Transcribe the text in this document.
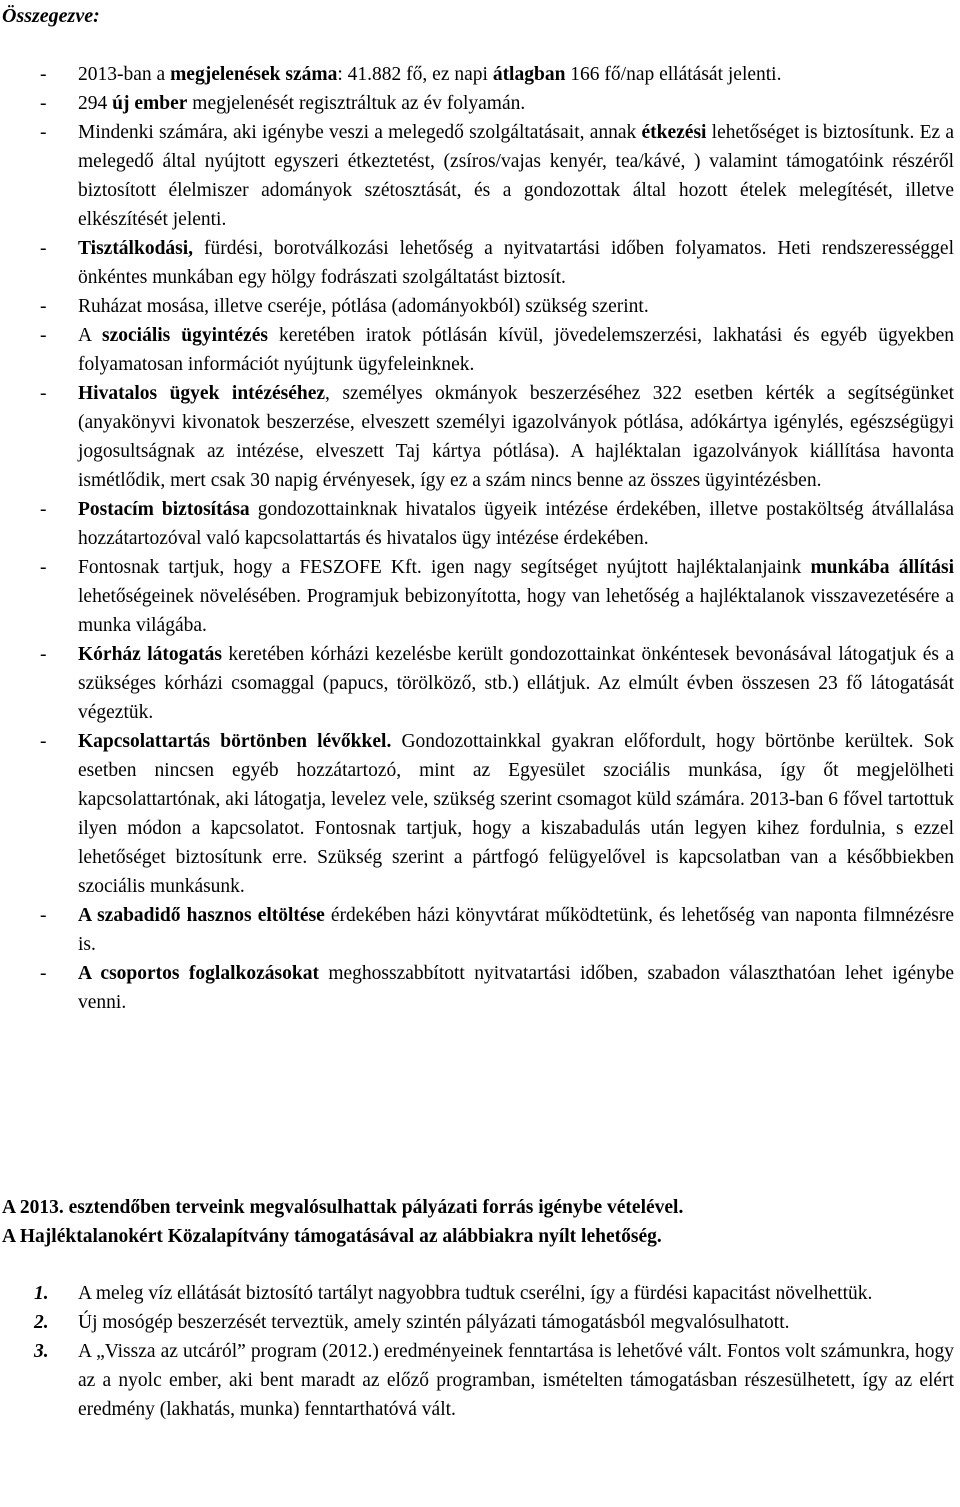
Összegezve:
- 2013-ban a megjelenések száma: 41.882 fő, ez napi átlagban 166 fő/nap ellátását jelenti.
- 294 új ember megjelenését regisztráltuk az év folyamán.
- Mindenki számára, aki igénybe veszi a melegedő szolgáltatásait, annak étkezési lehetőséget is biztosítunk. Ez a melegedő által nyújtott egyszeri étkeztetést, (zsíros/vajas kenyér, tea/kávé, ) valamint támogatóink részéről biztosított élelmiszer adományok szétosztását, és a gondozottak által hozott ételek melegítését, illetve elkészítését jelenti.
- Tisztálkodási, fürdési, borotválkozási lehetőség a nyitvatartási időben folyamatos. Heti rendszerességgel önkéntes munkában egy hölgy fodrászati szolgáltatást biztosít.
- Ruházat mosása, illetve cseréje, pótlása (adományokból) szükség szerint.
- A szociális ügyintézés keretében iratok pótlásán kívül, jövedelemszerzési, lakhatási és egyéb ügyekben folyamatosan információt nyújtunk ügyfeleinknek.
- Hivatalos ügyek intézéséhez, személyes okmányok beszerzéséhez 322 esetben kérték a segítségünket (anyakönyvi kivonatok beszerzése, elveszett személyi igazolványok pótlása, adókártya igénylés, egészségügyi jogosultságnak az intézése, elveszett Taj kártya pótlása). A hajléktalan igazolványok kiállítása havonta ismétlődik, mert csak 30 napig érvényesek, így ez a szám nincs benne az összes ügyintézésben.
- Postacím biztosítása gondozottainknak hivatalos ügyeik intézése érdekében, illetve postaköltség átvállalása hozzátartozóval való kapcsolattartás és hivatalos ügy intézése érdekében.
- Fontosnak tartjuk, hogy a FESZOFE Kft. igen nagy segítséget nyújtott hajléktalanjaink munkába állítási lehetőségeinek növelésében. Programjuk bebizonyította, hogy van lehetőség a hajléktalanok visszavezetésére a munka világába.
- Kórház látogatás keretében kórházi kezelésbe került gondozottainkat önkéntesek bevonásával látogatjuk és a szükséges kórházi csomaggal (papucs, törölköző, stb.) ellátjuk. Az elmúlt évben összesen 23 fő látogatását végeztük.
- Kapcsolattartás börtönben lévőkkel. Gondozottainkkal gyakran előfordult, hogy börtönbe kerültek. Sok esetben nincsen egyéb hozzátartozó, mint az Egyesület szociális munkása, így őt megjelölheti kapcsolattartónak, aki látogatja, levelez vele, szükség szerint csomagot küld számára. 2013-ban 6 fővel tartottuk ilyen módon a kapcsolatot. Fontosnak tartjuk, hogy a kiszabadulás után legyen kihez fordulnia, s ezzel lehetőséget biztosítunk erre. Szükség szerint a pártfogó felügyelővel is kapcsolatban van a későbbiekben szociális munkásunk.
- A szabadidő hasznos eltöltése érdekében házi könyvtárat működtetünk, és lehetőség van naponta filmnézésre is.
- A csoportos foglalkozásokat meghosszabbított nyitvatartási időben, szabadon választhatóan lehet igénybe venni.

A 2013. esztendőben terveink megvalósulhattak pályázati forrás igénybe vételével.

A Hajléktalanokért Közalapítvány támogatásával az alábbiakra nyílt lehetőség.

1. A meleg víz ellátását biztosító tartályt nagyobbra tudtuk cserélni, így a fürdési kapacitást növelhettük.
2. Új mosógép beszerzését terveztük, amely szintén pályázati támogatásból megvalósulhatott.
3. A „Vissza az utcáról” program (2012.) eredményeinek fenntartása is lehetővé vált. Fontos volt számunkra, hogy az a nyolc ember, aki bent maradt az előző programban, ismételten támogatásban részesülhetett, így az elért eredmény (lakhatás, munka) fenntarthatóvá vált.
